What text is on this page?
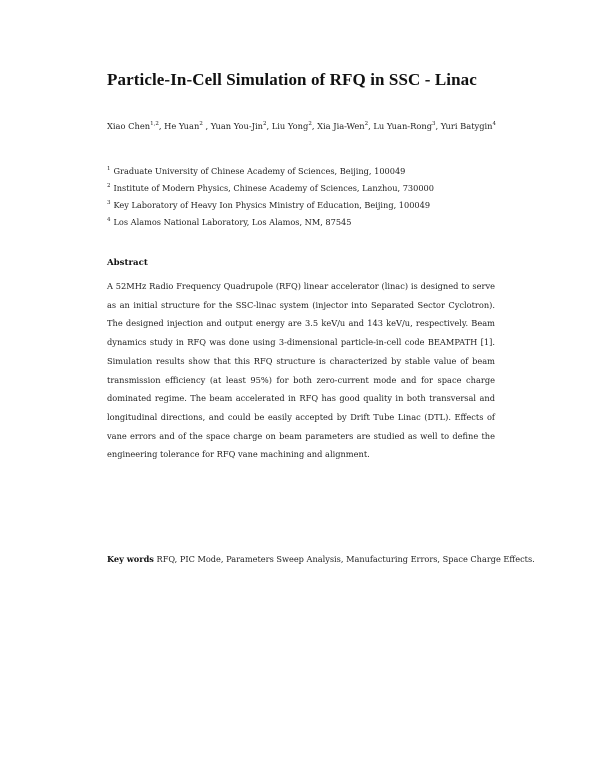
Particle-In-Cell Simulation of RFQ in SSC - Linac
Xiao Chen$^{1,2}$, He Yuan$^2$ , Yuan You-Jin$^2$, Liu Yong$^2$, Xia Jia-Wen$^2$, Lu Yuan-Rong$^3$, Yuri Batygin$^4$
$^1$ Graduate University of Chinese Academy of Sciences, Beijing, 100049
$^2$ Institute of Modern Physics, Chinese Academy of Sciences, Lanzhou, 730000
$^3$ Key Laboratory of Heavy Ion Physics Ministry of Education, Beijing, 100049
$^4$ Los Alamos National Laboratory, Los Alamos, NM, 87545
Abstract

A 52MHz Radio Frequency Quadrupole (RFQ) linear accelerator (linac) is designed to serve as an initial structure for the SSC-linac system (injector into Separated Sector Cyclotron). The designed injection and output energy are 3.5 keV/u and 143 keV/u, respectively. Beam dynamics study in RFQ was done using 3-dimensional particle-in-cell code BEAMPATH [1]. Simulation results show that this RFQ structure is characterized by stable value of beam transmission efficiency (at least 95%) for both zero-current mode and for space charge dominated regime. The beam accelerated in RFQ has good quality in both transversal and longitudinal directions, and could be easily accepted by Drift Tube Linac (DTL). Effects of vane errors and of the space charge on beam parameters are studied as well to define the engineering tolerance for RFQ vane machining and alignment.

Key words RFQ, PIC Mode, Parameters Sweep Analysis, Manufacturing Errors, Space Charge Effects.
